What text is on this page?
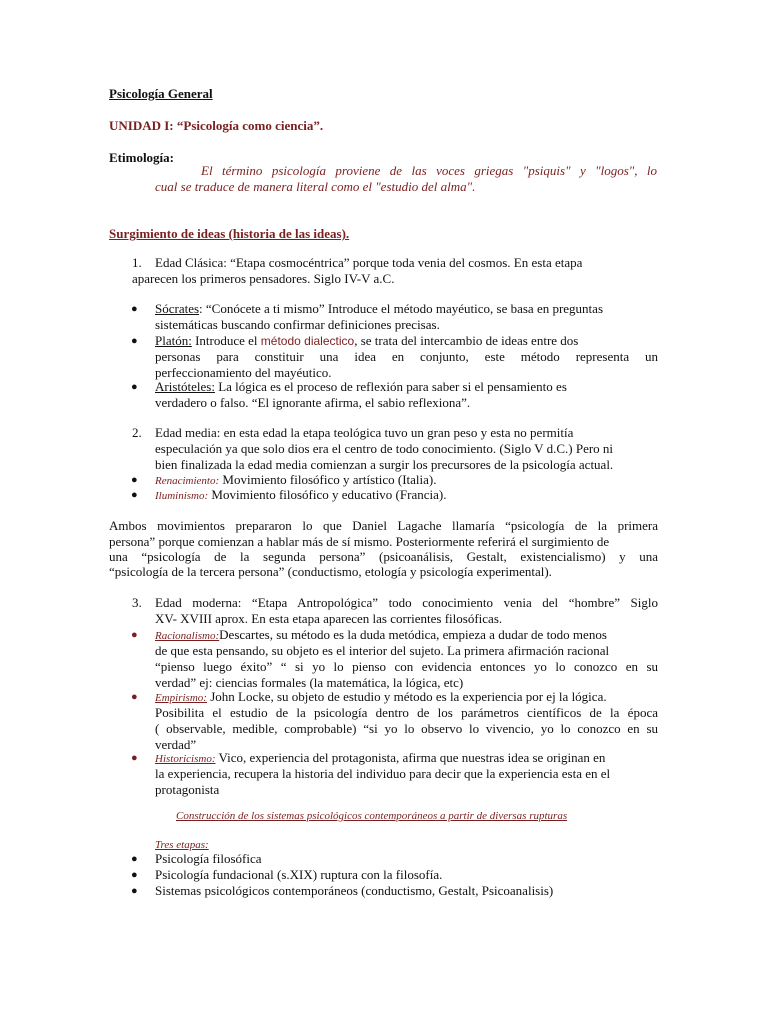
Psicología General
UNIDAD I: “Psicología como ciencia”.
Etimología:
El término psicología proviene de las voces griegas "psiquis" y "logos", lo
cual se traduce de manera literal como el "estudio del alma".
Surgimiento de ideas (historia de las ideas).
1. Edad Clásica: “Etapa cosmocéntrica” porque toda venia del cosmos. En esta etapa
aparecen los primeros pensadores. Siglo IV-V a.C.
● Sócrates: “Conócete a ti mismo” Introduce el método mayéutico, se basa en preguntas
sistemáticas buscando confirmar definiciones precisas.
● Platón: Introduce el método dialectico, se trata del intercambio de ideas entre dos
personas para constituir una idea en conjunto, este método representa un
perfeccionamiento del mayéutico.
● Aristóteles: La lógica es el proceso de reflexión para saber si el pensamiento es
verdadero o falso. “El ignorante afirma, el sabio reflexiona”.
2. Edad media: en esta edad la etapa teológica tuvo un gran peso y esta no permitía
especulación ya que solo dios era el centro de todo conocimiento. (Siglo V d.C.) Pero ni
bien finalizada la edad media comienzan a surgir los precursores de la psicología actual.
● Renacimiento: Movimiento filosófico y artístico (Italia).
● Iluminismo: Movimiento filosófico y educativo (Francia).
Ambos movimientos prepararon lo que Daniel Lagache llamaría “psicología de la primera
persona” porque comienzan a hablar más de sí mismo. Posteriormente referirá el surgimiento de
una “psicología de la segunda persona” (psicoanálisis, Gestalt, existencialismo) y una
“psicología de la tercera persona” (conductismo, etología y psicología experimental).
3. Edad moderna: “Etapa Antropológica” todo conocimiento venia del “hombre” Siglo
XV- XVIII aprox. En esta etapa aparecen las corrientes filosóficas.
● Racionalismo:Descartes, su método es la duda metódica, empieza a dudar de todo menos
de que esta pensando, su objeto es el interior del sujeto. La primera afirmación racional
“pienso luego éxito” “ si yo lo pienso con evidencia entonces yo lo conozco en su
verdad” ej: ciencias formales (la matemática, la lógica, etc)
● Empirismo: John Locke, su objeto de estudio y método es la experiencia por ej la lógica.
Posibilita el estudio de la psicología dentro de los parámetros científicos de la época
( observable, medible, comprobable) “si yo lo observo lo vivencio, yo lo conozco en su
verdad”
● Historicismo: Vico, experiencia del protagonista, afirma que nuestras idea se originan en
la experiencia, recupera la historia del individuo para decir que la experiencia esta en el
protagonista
Construcción de los sistemas psicológicos contemporáneos a partir de diversas rupturas
Tres etapas:
● Psicología filosófica
● Psicología fundacional (s.XIX) ruptura con la filosofía.
● Sistemas psicológicos contemporáneos (conductismo, Gestalt, Psicoanalisis)
